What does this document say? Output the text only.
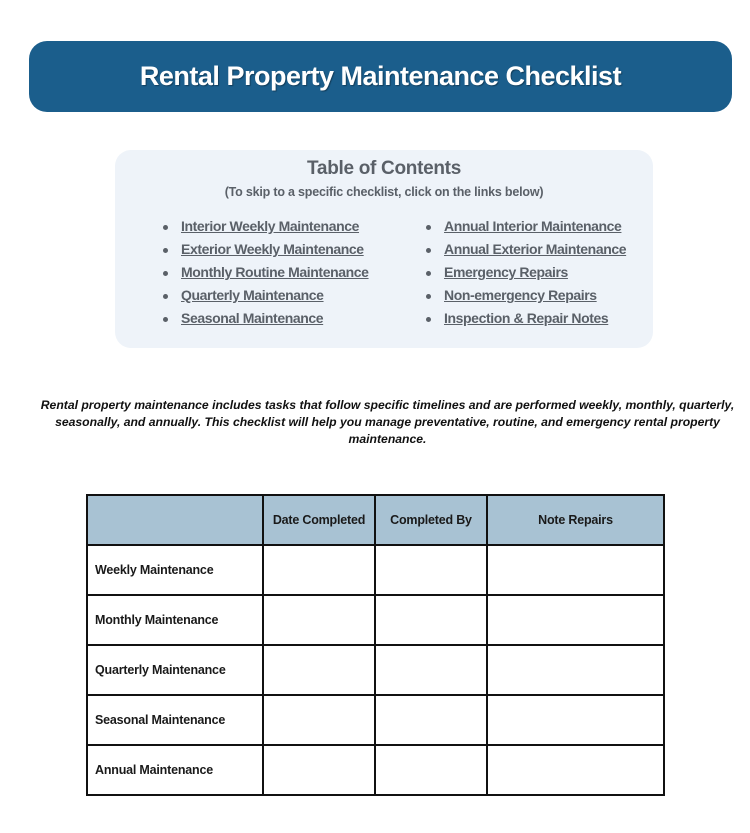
Rental Property Maintenance Checklist
Table of Contents
(To skip to a specific checklist, click on the links below)
Interior Weekly Maintenance
Exterior Weekly Maintenance
Monthly Routine Maintenance
Quarterly Maintenance
Seasonal Maintenance
Annual Interior Maintenance
Annual Exterior Maintenance
Emergency Repairs
Non-emergency Repairs
Inspection & Repair Notes

Rental property maintenance includes tasks that follow specific timelines and are performed weekly, monthly, quarterly, seasonally, and annually. This checklist will help you manage preventative, routine, and emergency rental property maintenance.

	Date Completed	Completed By	Note Repairs
Weekly Maintenance			
Monthly Maintenance			
Quarterly Maintenance			
Seasonal Maintenance			
Annual Maintenance			
